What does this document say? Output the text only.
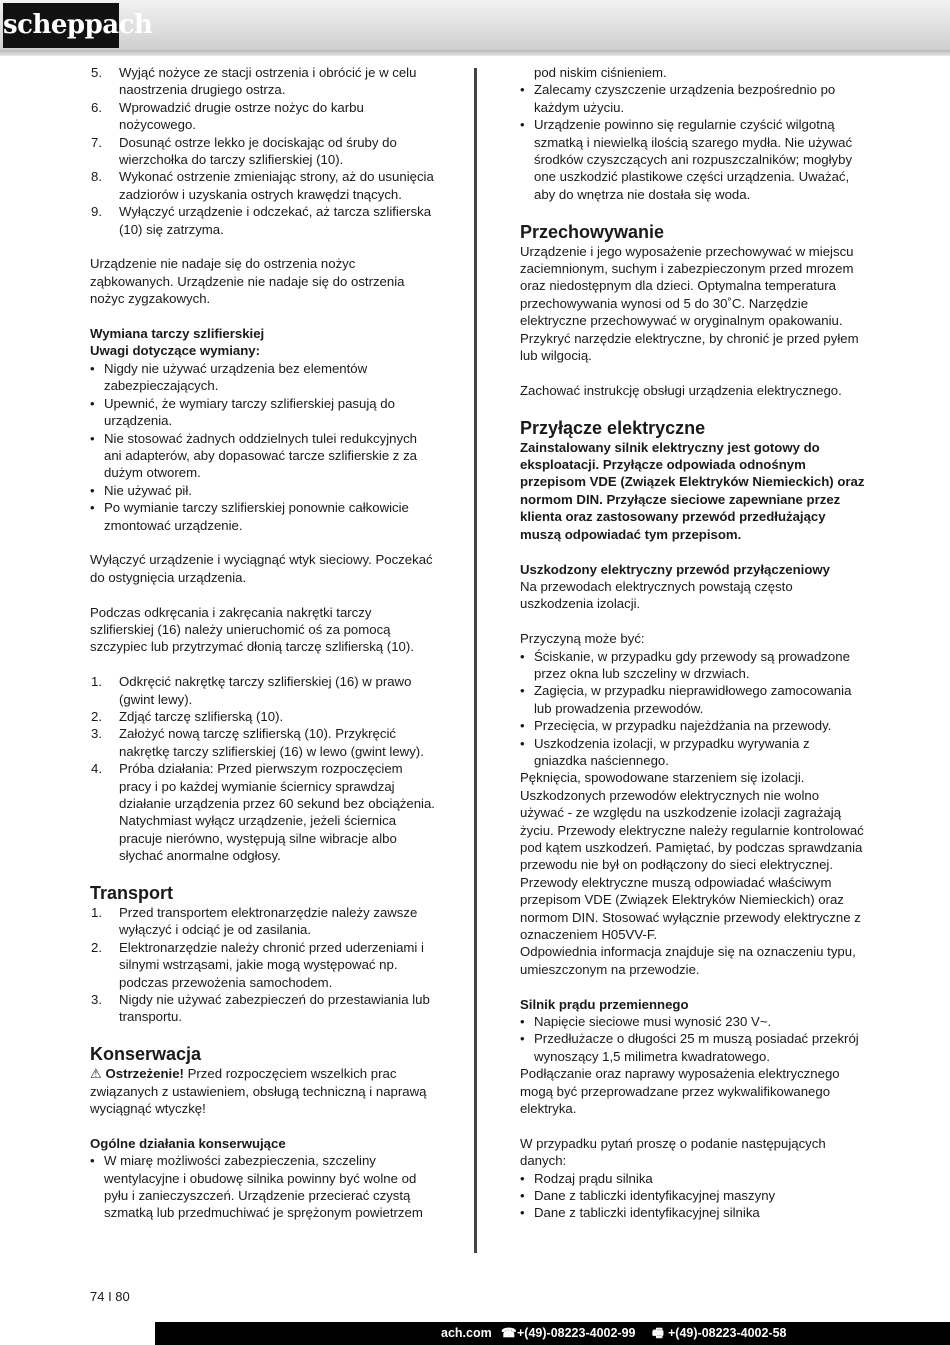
scheppach
5. Wyjąć nożyce ze stacji ostrzenia i obrócić je w celu naostrzenia drugiego ostrza.
6. Wprowadzić drugie ostrze nożyc do karbu nożycowego.
7. Dosunąć ostrze lekko je dociskając od śruby do wierzchołka do tarczy szlifierskiej (10).
8. Wykonać ostrzenie zmieniając strony, aż do usunięcia zadziorów i uzyskania ostrych krawędzi tnących.
9. Wyłączyć urządzenie i odczekać, aż tarcza szlifierska (10) się zatrzyma.

Urządzenie nie nadaje się do ostrzenia nożyc ząbkowanych. Urządzenie nie nadaje się do ostrzenia nożyc zygzakowych.

Wymiana tarczy szlifierskiej

Uwagi dotyczące wymiany:

• Nigdy nie używać urządzenia bez elementów zabezpieczających.
• Upewnić, że wymiary tarczy szlifierskiej pasują do urządzenia.
• Nie stosować żadnych oddzielnych tulei redukcyjnych ani adapterów, aby dopasować tarcze szlifierskie z za dużym otworem.
• Nie używać pił.
• Po wymianie tarczy szlifierskiej ponownie całkowicie zmontować urządzenie.

Wyłączyć urządzenie i wyciągnąć wtyk sieciowy. Poczekać do ostygnięcia urządzenia.

Podczas odkręcania i zakręcania nakrętki tarczy szlifierskiej (16) należy unieruchomić oś za pomocą szczypiec lub przytrzymać dłonią tarczę szlifierską (10).

1. Odkręcić nakrętkę tarczy szlifierskiej (16) w prawo (gwint lewy).
2. Zdjąć tarczę szlifierską (10).
3. Założyć nową tarczę szlifierską (10). Przykręcić nakrętkę tarczy szlifierskiej (16) w lewo (gwint lewy).
4. Próba działania: Przed pierwszym rozpoczęciem pracy i po każdej wymianie ściernicy sprawdzaj działanie urządzenia przez 60 sekund bez obciążenia. Natychmiast wyłącz urządzenie, jeżeli ściernica pracuje nierówno, występują silne wibracje albo słychać anormalne odgłosy.
Transport
1. Przed transportem elektronarzędzie należy zawsze wyłączyć i odciąć je od zasilania.
2. Elektronarzędzie należy chronić przed uderzeniami i silnymi wstrząsami, jakie mogą występować np. podczas przewożenia samochodem.
3. Nigdy nie używać zabezpieczeń do przestawiania lub transportu.
Konserwacja

⚠ Ostrzeżenie! Przed rozpoczęciem wszelkich prac związanych z ustawieniem, obsługą techniczną i naprawą wyciągnąć wtyczkę!

Ogólne działania konserwujące

• W miarę możliwości zabezpieczenia, szczeliny wentylacyjne i obudowę silnika powinny być wolne od pyłu i zanieczyszczeń. Urządzenie przecierać czystą szmatką lub przedmuchiwać je sprężonym powietrzem

pod niskim ciśnieniem.

• Zalecamy czyszczenie urządzenia bezpośrednio po każdym użyciu.
• Urządzenie powinno się regularnie czyścić wilgotną szmatką i niewielką ilością szarego mydła. Nie używać środków czyszczących ani rozpuszczalników; mogłyby one uszkodzić plastikowe części urządzenia. Uważać, aby do wnętrza nie dostała się woda.
Przechowywanie

Urządzenie i jego wyposażenie przechowywać w miejscu zaciemnionym, suchym i zabezpieczonym przed mrozem oraz niedostępnym dla dzieci. Optymalna temperatura przechowywania wynosi od 5 do 30˚C. Narzędzie elektryczne przechowywać w oryginalnym opakowaniu.

Przykryć narzędzie elektryczne, by chronić je przed pyłem lub wilgocią.

Zachować instrukcję obsługi urządzenia elektrycznego.

Przyłącze elektryczne

Zainstalowany silnik elektryczny jest gotowy do eksploatacji. Przyłącze odpowiada odnośnym przepisom VDE (Związek Elektryków Niemieckich) oraz normom DIN. Przyłącze sieciowe zapewniane przez klienta oraz zastosowany przewód przedłużający muszą odpowiadać tym przepisom.

Uszkodzony elektryczny przewód przyłączeniowy

Na przewodach elektrycznych powstają często uszkodzenia izolacji.

Przyczyną może być:

• Ściskanie, w przypadku gdy przewody są prowadzone przez okna lub szczeliny w drzwiach.
• Zagięcia, w przypadku nieprawidłowego zamocowania lub prowadzenia przewodów.
• Przecięcia, w przypadku najeżdżania na przewody.
• Uszkodzenia izolacji, w przypadku wyrywania z gniazdka naściennego.

Pęknięcia, spowodowane starzeniem się izolacji.

Uszkodzonych przewodów elektrycznych nie wolno używać - ze względu na uszkodzenie izolacji zagrażają życiu. Przewody elektryczne należy regularnie kontrolować pod kątem uszkodzeń. Pamiętać, by podczas sprawdzania przewodu nie był on podłączony do sieci elektrycznej. Przewody elektryczne muszą odpowiadać właściwym przepisom VDE (Związek Elektryków Niemieckich) oraz normom DIN. Stosować wyłącznie przewody elektryczne z oznaczeniem H05VV-F.

Odpowiednia informacja znajduje się na oznaczeniu typu, umieszczonym na przewodzie.

Silnik prądu przemiennego

• Napięcie sieciowe musi wynosić 230 V~.
• Przedłużacze o długości 25 m muszą posiadać przekrój wynoszący 1,5 milimetra kwadratowego.

Podłączanie oraz naprawy wyposażenia elektrycznego mogą być przeprowadzane przez wykwalifikowanego elektryka.

W przypadku pytań proszę o podanie następujących danych:

• Rodzaj prądu silnika
• Dane z tabliczki identyfikacyjnej maszyny
• Dane z tabliczki identyfikacyjnej silnika
74 I 80
ach.com ☎ +(49)-08223-4002-99 🖷 +(49)-08223-4002-58
